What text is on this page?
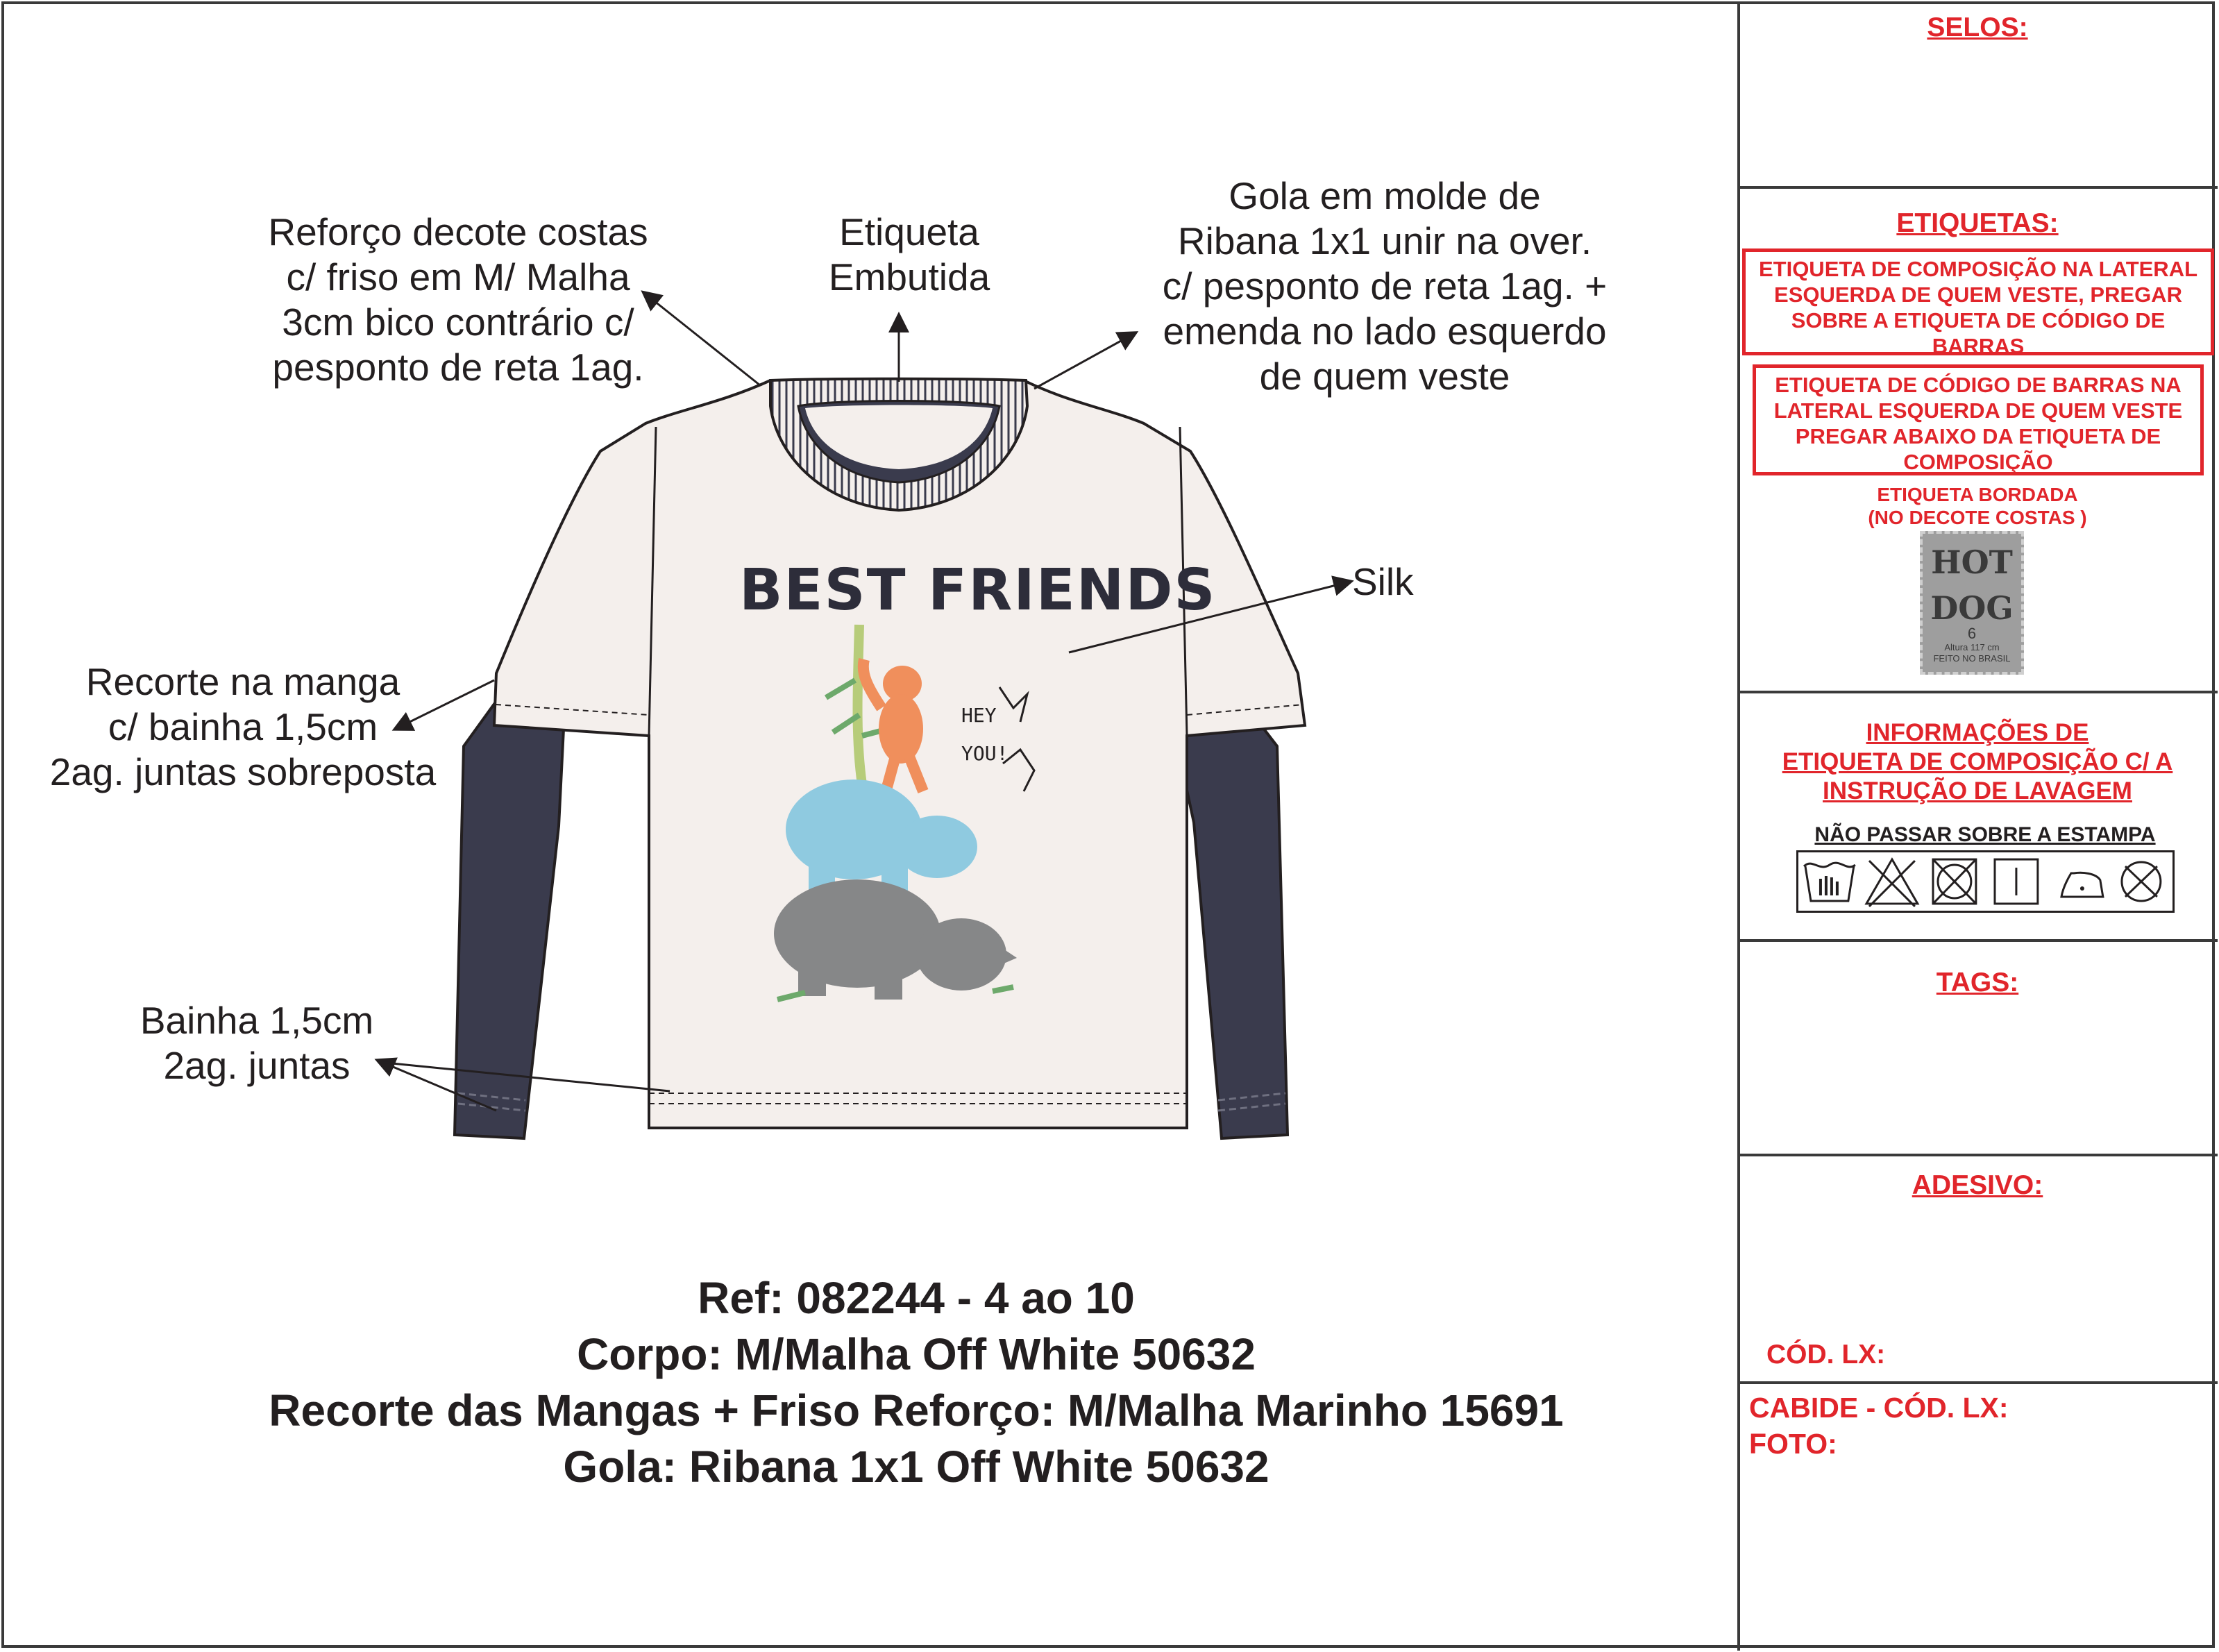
BEST FRIENDS
HEY
YOU!
Reforço decote costas
c/ friso em M/ Malha
3cm bico contrário c/
pesponto de reta 1ag.
Etiqueta
Embutida
Gola em molde de
Ribana 1x1 unir na over.
c/ pesponto de reta 1ag. +
emenda no lado esquerdo
de quem veste
Silk
Recorte na manga
c/ bainha 1,5cm
2ag. juntas sobreposta
Bainha 1,5cm
2ag. juntas
Ref: 082244 - 4 ao 10
Corpo: M/Malha Off White 50632
Recorte das Mangas + Friso Reforço: M/Malha Marinho 15691
Gola: Ribana 1x1 Off White 50632
SELOS:
ETIQUETAS:
ETIQUETA DE COMPOSIÇÃO NA LATERAL ESQUERDA DE QUEM VESTE, PREGAR SOBRE A ETIQUETA DE CÓDIGO DE BARRAS
ETIQUETA DE CÓDIGO DE BARRAS NA LATERAL ESQUERDA DE QUEM VESTE PREGAR ABAIXO DA ETIQUETA DE COMPOSIÇÃO
ETIQUETA BORDADA
(NO DECOTE COSTAS )
HOT
DOG
6
Altura 117 cm
FEITO NO BRASIL
INFORMAÇÕES DE
ETIQUETA DE COMPOSIÇÃO C/ A
INSTRUÇÃO DE LAVAGEM
NÃO PASSAR SOBRE A ESTAMPA
TAGS:
ADESIVO:
CÓD. LX:
CABIDE - CÓD. LX:
FOTO:
